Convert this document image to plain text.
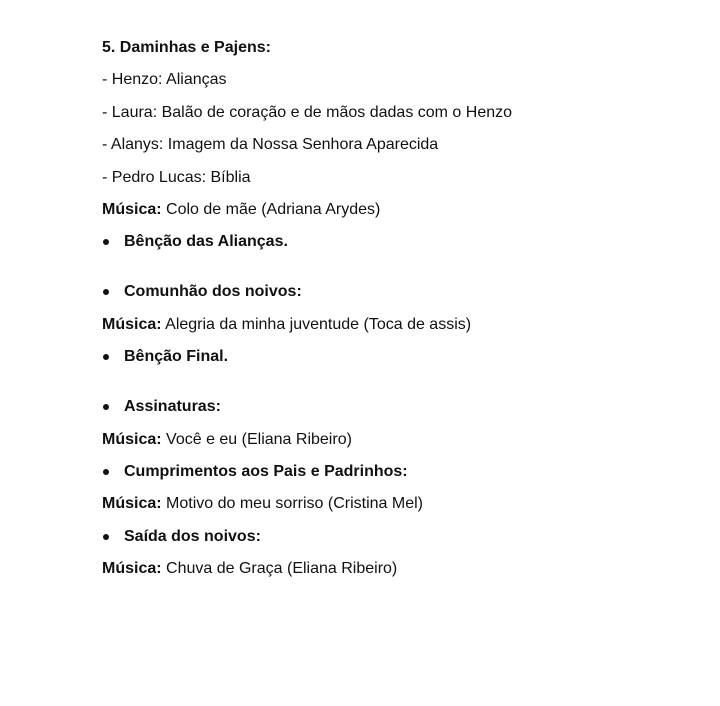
5. Daminhas e Pajens:
- Henzo: Alianças
- Laura: Balão de coração e de mãos dadas com o Henzo
- Alanys: Imagem da Nossa Senhora Aparecida
- Pedro Lucas: Bíblia
Música: Colo de mãe (Adriana Arydes)
Bênção das Alianças.
Comunhão dos noivos:
Música: Alegria da minha juventude (Toca de assis)
Bênção Final.
Assinaturas:
Música: Você e eu (Eliana Ribeiro)
Cumprimentos aos Pais e Padrinhos:
Música: Motivo do meu sorriso (Cristina Mel)
Saída dos noivos:
Música: Chuva de Graça (Eliana Ribeiro)
